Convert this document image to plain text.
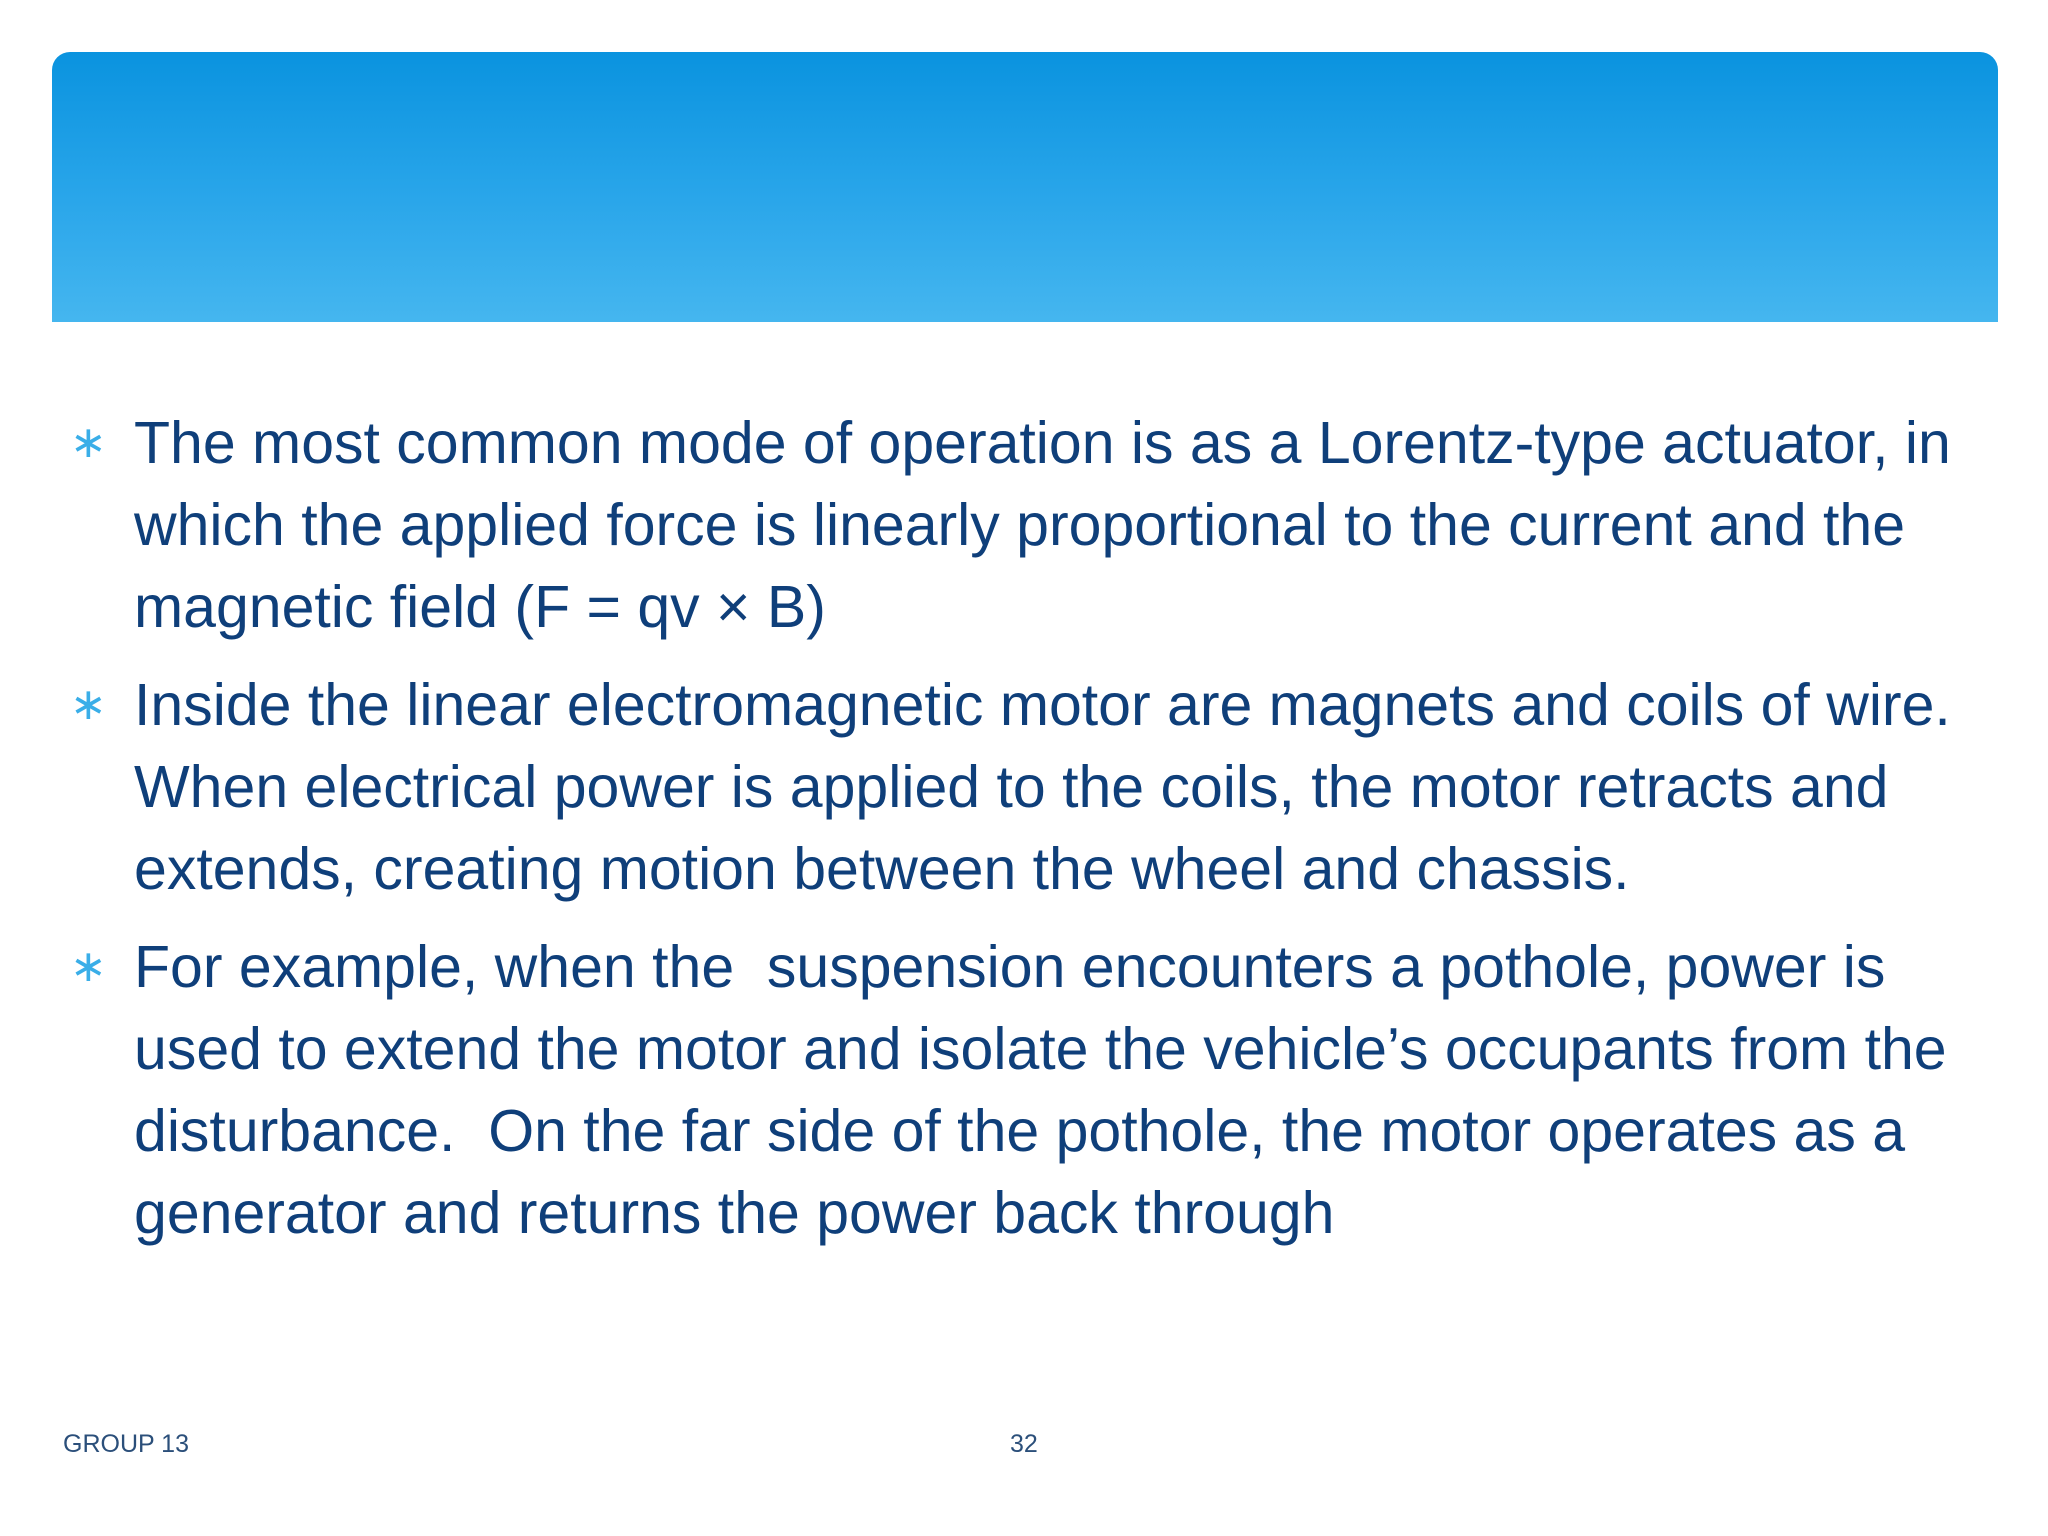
∗ The most common mode of operation is as a Lorentz-type actuator, in which the applied force is linearly proportional to the current and the magnetic field (F = qv × B)
∗ Inside the linear electromagnetic motor are magnets and coils of wire. When electrical power is applied to the coils, the motor retracts and extends, creating motion between the wheel and chassis.
∗ For example, when the  suspension encounters a pothole, power is used to extend the motor and isolate the vehicle’s occupants from the disturbance.  On the far side of the pothole, the motor operates as a generator and returns the power back through
GROUP 13	32
